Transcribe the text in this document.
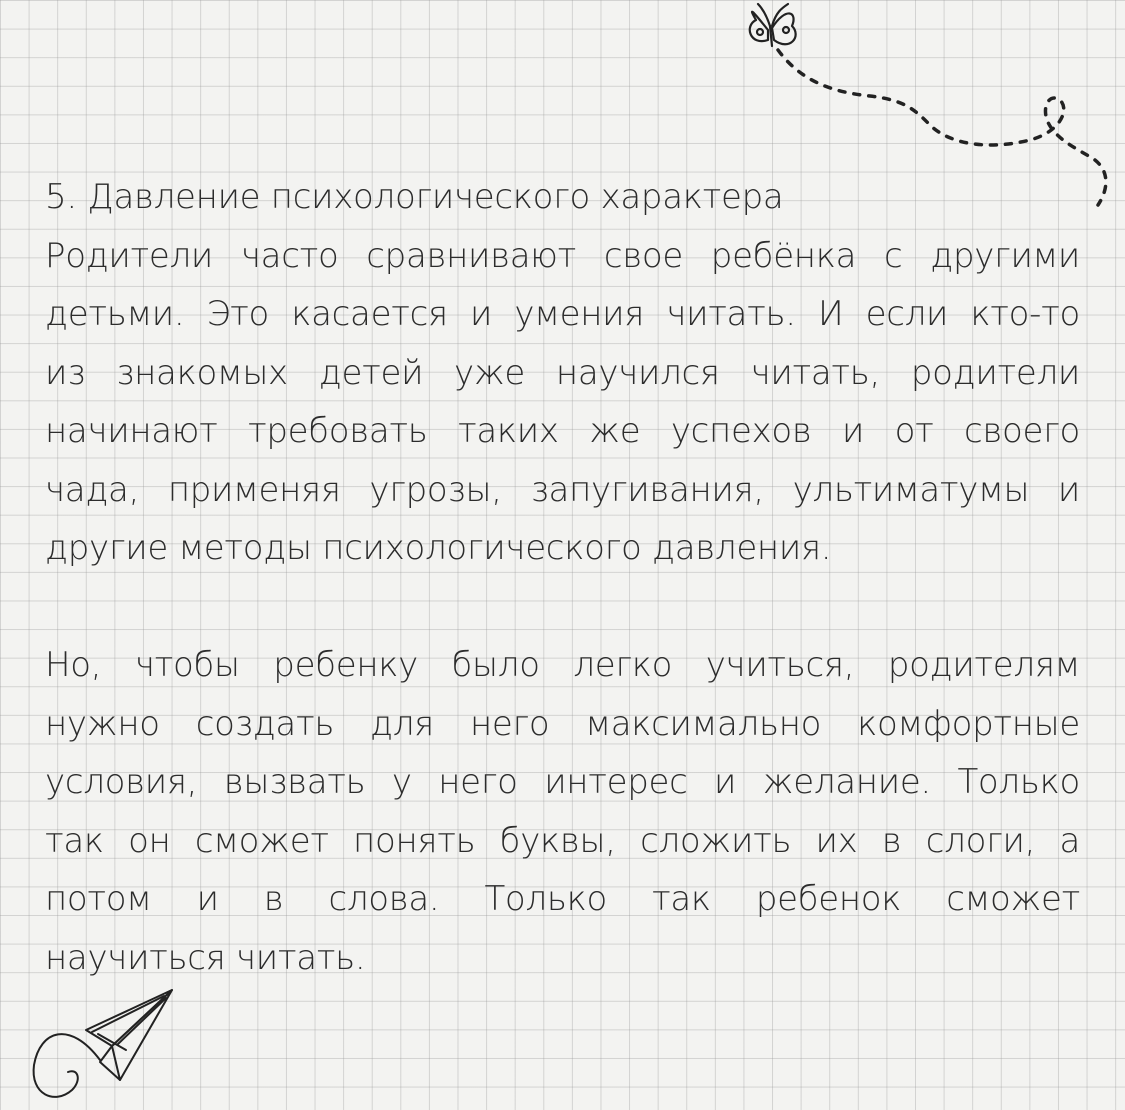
5. Давление психологического характера
Родители часто сравнивают свое ребёнка с другими
детьми. Это касается и умения читать. И если кто-то
из знакомых детей уже научился читать, родители
начинают требовать таких же успехов и от своего
чада, применяя угрозы, запугивания, ультиматумы и
другие методы психологического давления.
Но, чтобы ребенку было легко учиться, родителям
нужно создать для него максимально комфортные
условия, вызвать у него интерес и желание. Только
так он сможет понять буквы, сложить их в слоги, а
потом и в слова. Только так ребенок сможет
научиться читать.
